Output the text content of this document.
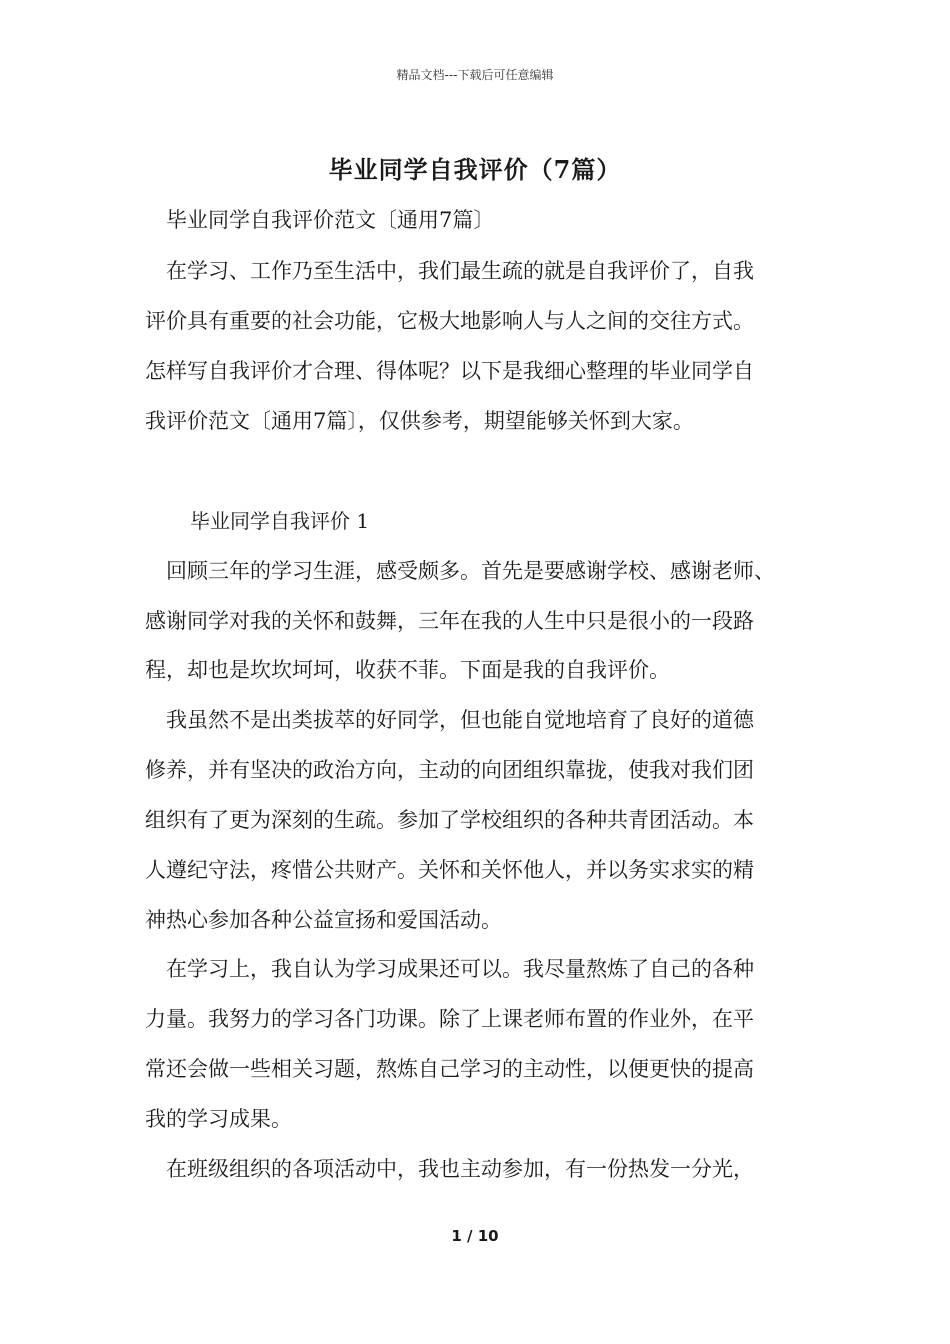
精品文档---下载后可任意编辑
毕业同学自我评价（7篇）
毕业同学自我评价范文〔通用7篇〕
在学习、工作乃至生活中，我们最生疏的就是自我评价了，自我
评价具有重要的社会功能，它极大地影响人与人之间的交往方式。
怎样写自我评价才合理、得体呢？以下是我细心整理的毕业同学自
我评价范文〔通用7篇〕，仅供参考，期望能够关怀到大家。
毕业同学自我评价 1
回顾三年的学习生涯，感受颇多。首先是要感谢学校、感谢老师、
感谢同学对我的关怀和鼓舞，三年在我的人生中只是很小的一段路
程，却也是坎坎坷坷，收获不菲。下面是我的自我评价。
我虽然不是出类拔萃的好同学，但也能自觉地培育了良好的道德
修养，并有坚决的政治方向，主动的向团组织靠拢，使我对我们团
组织有了更为深刻的生疏。参加了学校组织的各种共青团活动。本
人遵纪守法，疼惜公共财产。关怀和关怀他人，并以务实求实的精
神热心参加各种公益宣扬和爱国活动。
在学习上，我自认为学习成果还可以。我尽量熬炼了自己的各种
力量。我努力的学习各门功课。除了上课老师布置的作业外，在平
常还会做一些相关习题，熬炼自己学习的主动性，以便更快的提高
我的学习成果。
在班级组织的各项活动中，我也主动参加，有一份热发一分光，
1 / 10
